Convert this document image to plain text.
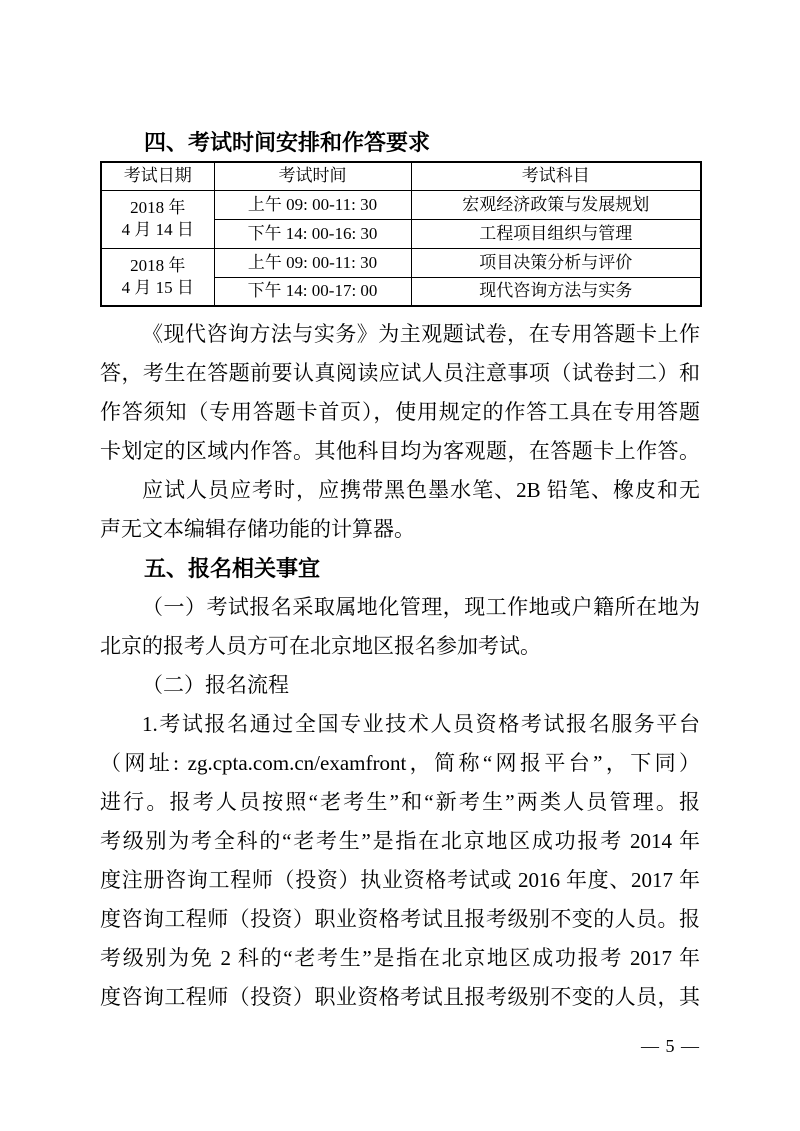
四、考试时间安排和作答要求
考试日期	考试时间	考试科目

2018 年
4 月 14 日	上午 09: 00-11: 30	宏观经济政策与发展规划
	下午 14: 00-16: 30	工程项目组织与管理

2018 年
4 月 15 日	上午 09: 00-11: 30	项目决策分析与评价
	下午 14: 00-17: 00	现代咨询方法与实务
《现代咨询方法与实务》为主观题试卷，在专用答题卡上作
答，考生在答题前要认真阅读应试人员注意事项（试卷封二）和
作答须知（专用答题卡首页），使用规定的作答工具在专用答题
卡划定的区域内作答。其他科目均为客观题，在答题卡上作答。
应试人员应考时，应携带黑色墨水笔、2B 铅笔、橡皮和无
声无文本编辑存储功能的计算器。
五、报名相关事宜
（一）考试报名采取属地化管理，现工作地或户籍所在地为
北京的报考人员方可在北京地区报名参加考试。
（二）报名流程
1.考试报名通过全国专业技术人员资格考试报名服务平台
（网址: zg.cpta.com.cn/examfront，简称“网报平台”，下同）
进行。报考人员按照“老考生”和“新考生”两类人员管理。报
考级别为考全科的“老考生”是指在北京地区成功报考 2014 年
度注册咨询工程师（投资）执业资格考试或 2016 年度、2017 年
度咨询工程师（投资）职业资格考试且报考级别不变的人员。报
考级别为免 2 科的“老考生”是指在北京地区成功报考 2017 年
度咨询工程师（投资）职业资格考试且报考级别不变的人员，其
— 5 —
